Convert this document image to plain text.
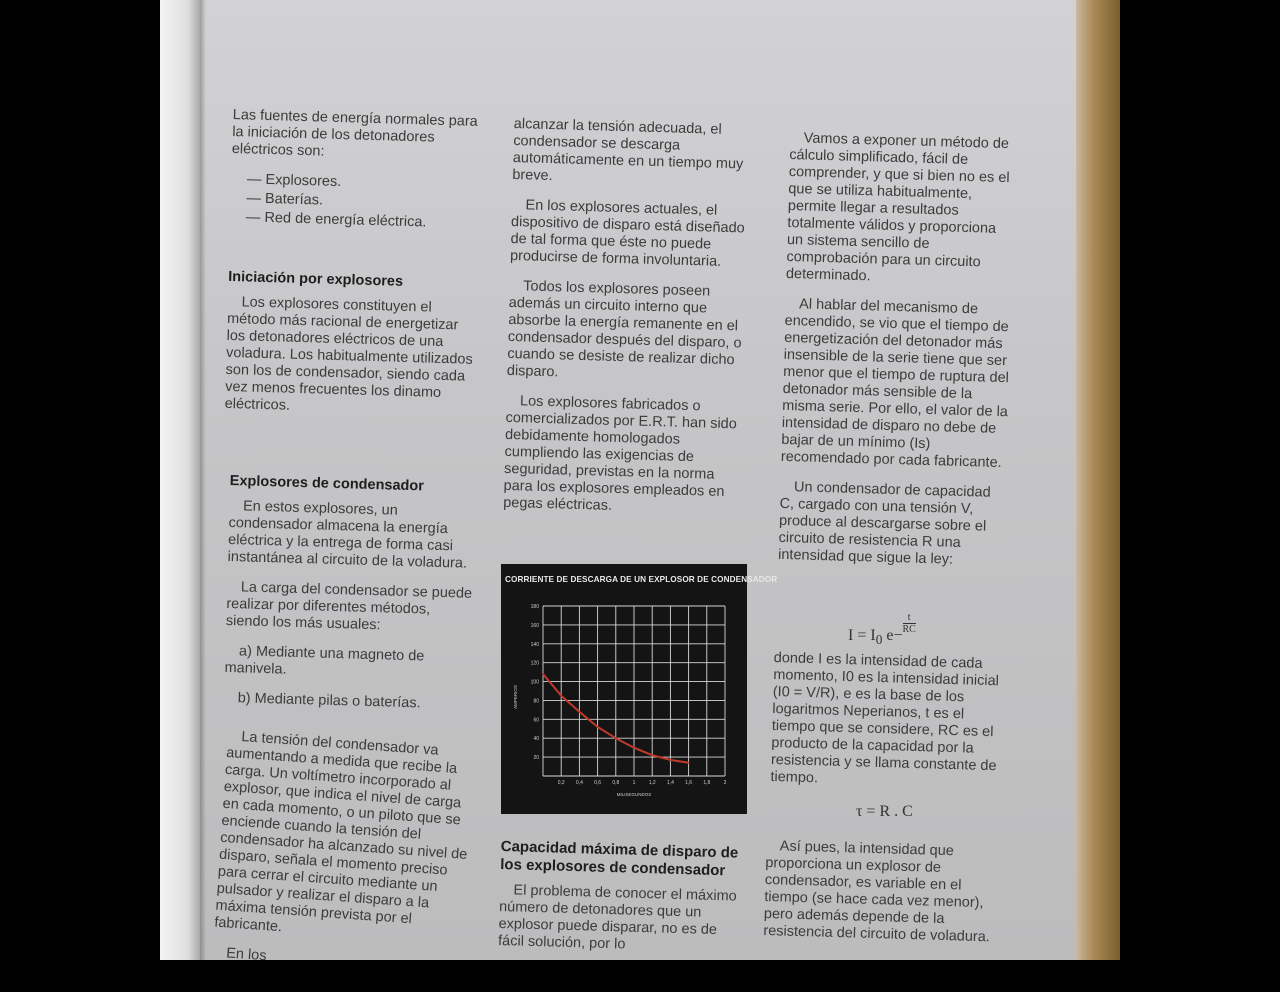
Las fuentes de energía normales para la iniciación de los detonadores eléctricos son:

— Explosores.
— Baterías.
— Red de energía eléctrica.
Iniciación por explosores

Los explosores constituyen el método más racional de energetizar los detonadores eléctricos de una voladura. Los habitualmente utilizados son los de condensador, siendo cada vez menos frecuentes los dinamo eléctricos.

Explosores de condensador

En estos explosores, un condensador almacena la energía eléctrica y la entrega de forma casi instantánea al circuito de la voladura.

La carga del condensador se puede realizar por diferentes métodos, siendo los más usuales:

a) Mediante una magneto de manivela.

b) Mediante pilas o baterías.

La tensión del condensador va aumentando a medida que recibe la carga. Un voltímetro incorporado al explosor, que indica el nivel de carga en cada momento, o un piloto que se enciende cuando la tensión del condensador ha alcanzado su nivel de disparo, señala el momento preciso para cerrar el circuito mediante un pulsador y realizar el disparo a la máxima tensión prevista por el fabricante.

En los

alcanzar la tensión adecuada, el condensador se descarga automáticamente en un tiempo muy breve.

En los explosores actuales, el dispositivo de disparo está diseñado de tal forma que éste no puede producirse de forma involuntaria.

Todos los explosores poseen además un circuito interno que absorbe la energía remanente en el condensador después del disparo, o cuando se desiste de realizar dicho disparo.

Los explosores fabricados o comercializados por E.R.T. han sido debidamente homologados cumpliendo las exigencias de seguridad, previstas en la norma para los explosores empleados en pegas eléctricas.

CORRIENTE DE DESCARGA DE UN EXPLOSOR DE CONDENSADOR
0,2 0,4 0,6 0,8	1	1,2 1,4 1,6 1,8	2
20
40
60
80
100
120
140
160
180
MILISEGUNDOS
AMPERIOS
Capacidad máxima de disparo de los explosores de condensador

El problema de conocer el máximo número de detonadores que un explosor puede disparar, no es de fácil solución, por lo

Vamos a exponer un método de cálculo simplificado, fácil de comprender, y que si bien no es el que se utiliza habitualmente, permite llegar a resultados totalmente válidos y proporciona un sistema sencillo de comprobación para un circuito determinado.

Al hablar del mecanismo de encendido, se vio que el tiempo de energetización del detonador más insensible de la serie tiene que ser menor que el tiempo de ruptura del detonador más sensible de la misma serie. Por ello, el valor de la intensidad de disparo no debe de bajar de un mínimo (Is) recomendado por cada fabricante.

Un condensador de capacidad C, cargado con una tensión V, produce al descargarse sobre el circuito de resistencia R una intensidad que sigue la ley:

$I = I_0$ e−
$\frac{t}{RC}$

donde I es la intensidad de cada momento, I0 es la intensidad inicial (I0 = V/R), e es la base de los logaritmos Neperianos, t es el tiempo que se considere, RC es el producto de la capacidad por la resistencia y se llama constante de tiempo.

τ = R . C

Así pues, la intensidad que proporciona un explosor de condensador, es variable en el tiempo (se hace cada vez menor), pero además depende de la resistencia del circuito de voladura.
